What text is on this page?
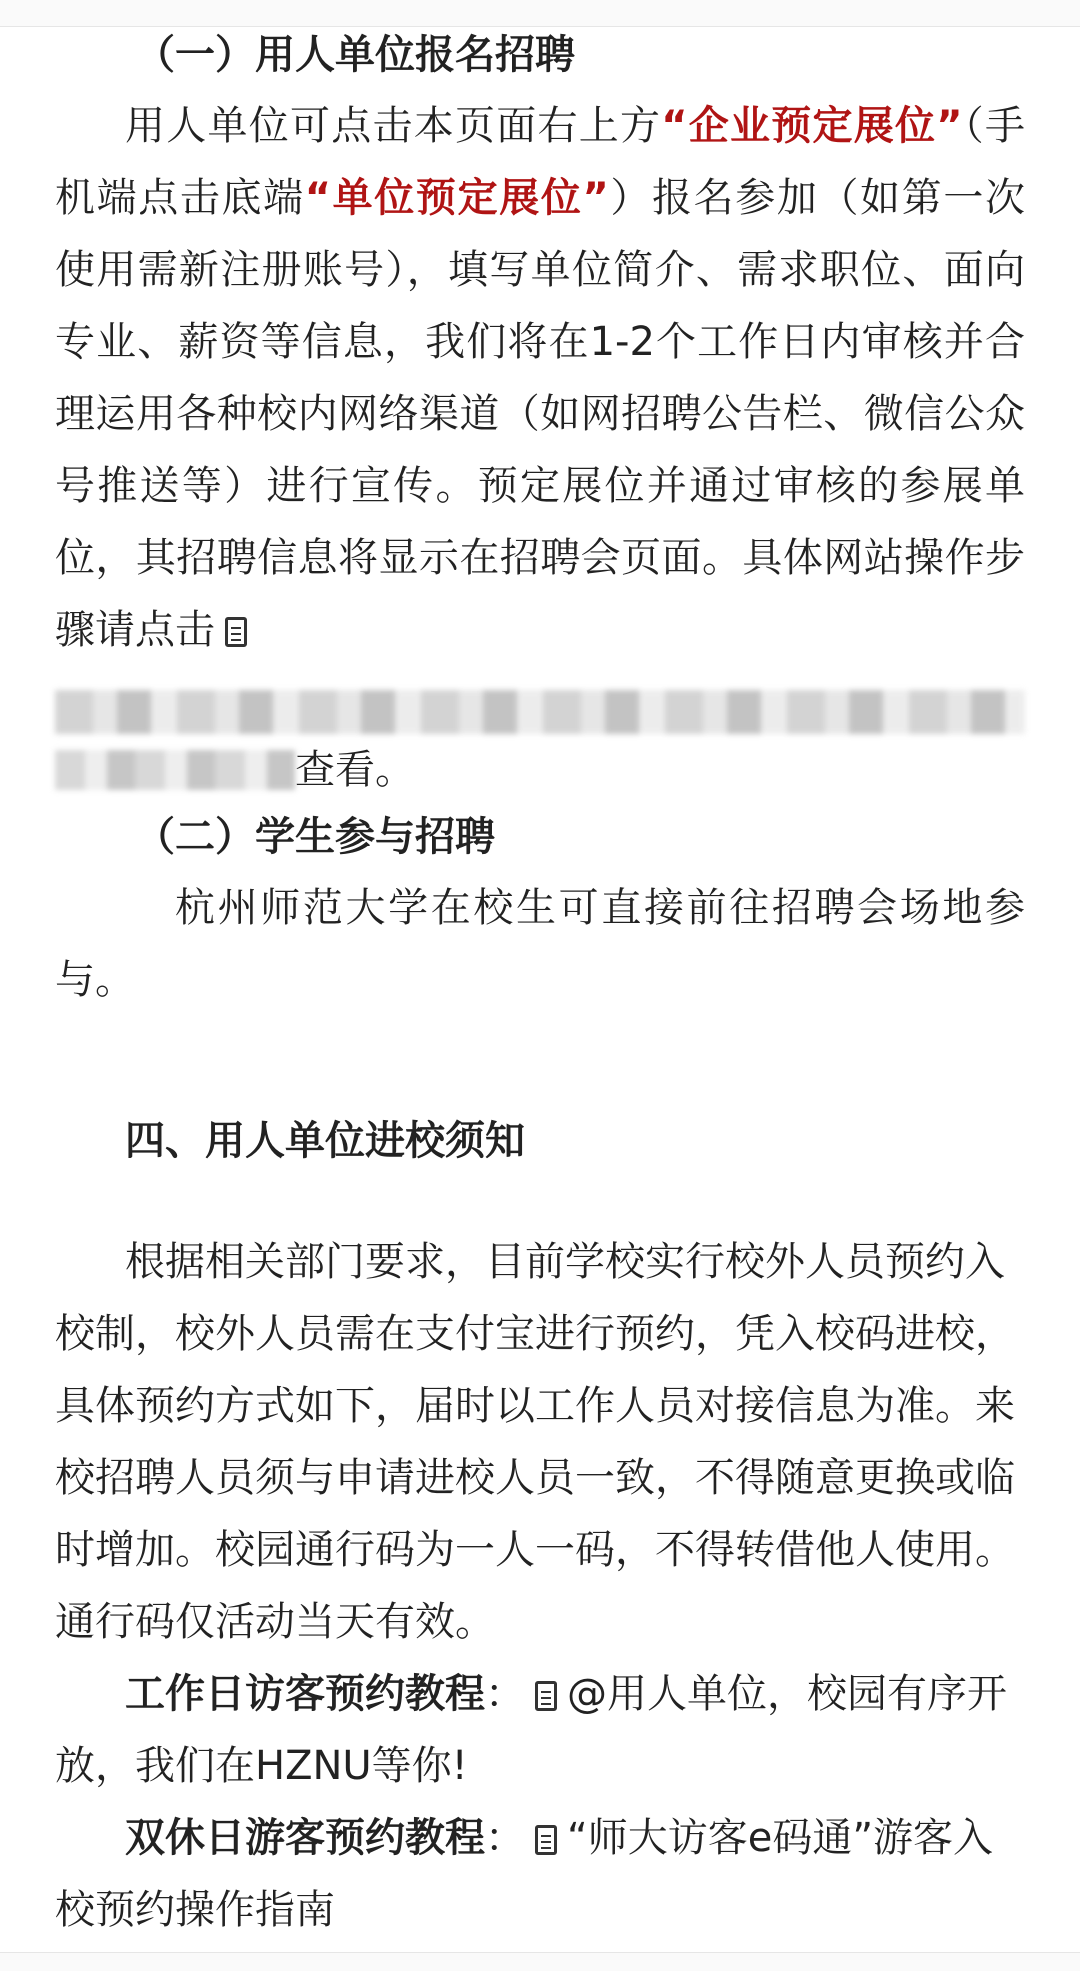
（一）用人单位报名招聘

用人单位可点击本页面右上方“企业预定展位”（手机端点击底端“单位预定展位”）报名参加（如第一次使用需新注册账号），填写单位简介、需求职位、面向专业、薪资等信息，我们将在1-2个工作日内审核并合理运用各种校内网络渠道（如网招聘公告栏、微信公众号推送等）进行宣传。预定展位并通过审核的参展单位，其招聘信息将显示在招聘会页面。具体网站操作步骤请点击

查看。

（二）学生参与招聘

杭州师范大学在校生可直接前往招聘会场地参与。

四、用人单位进校须知

根据相关部门要求，目前学校实行校外人员预约入校制，校外人员需在支付宝进行预约，凭入校码进校，具体预约方式如下，届时以工作人员对接信息为准。来校招聘人员须与申请进校人员一致，不得随意更换或临时增加。校园通行码为一人一码，不得转借他人使用。通行码仅活动当天有效。

工作日访客预约教程： @用人单位，校园有序开放，我们在HZNU等你!

双休日游客预约教程： “师大访客e码通”游客入校预约操作指南
